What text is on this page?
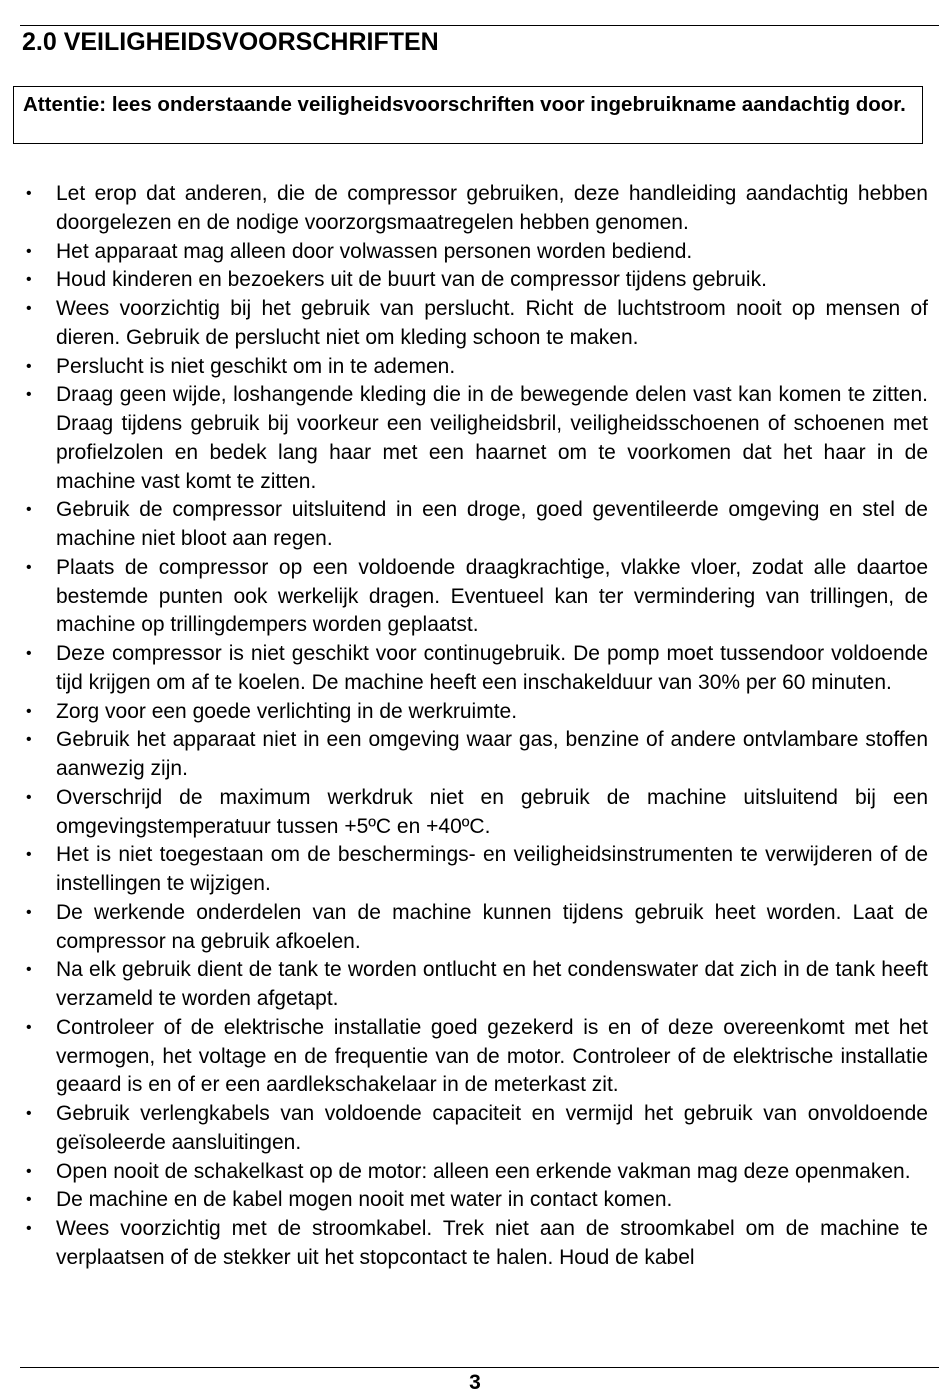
2.0 VEILIGHEIDSVOORSCHRIFTEN
Attentie: lees onderstaande veiligheidsvoorschriften voor ingebruikname aandachtig door.
• Let erop dat anderen, die de compressor gebruiken, deze handleiding aandachtig hebben doorgelezen en de nodige voorzorgsmaatregelen hebben genomen.
• Het apparaat mag alleen door volwassen personen worden bediend.
• Houd kinderen en bezoekers uit de buurt van de compressor tijdens gebruik.
• Wees voorzichtig bij het gebruik van perslucht. Richt de luchtstroom nooit op mensen of dieren. Gebruik de perslucht niet om kleding schoon te maken.
• Perslucht is niet geschikt om in te ademen.
• Draag geen wijde, loshangende kleding die in de bewegende delen vast kan komen te zitten. Draag tijdens gebruik bij voorkeur een veiligheidsbril, veiligheidsschoenen of schoenen met profielzolen en bedek lang haar met een haarnet om te voorkomen dat het haar in de machine vast komt te zitten.
• Gebruik de compressor uitsluitend in een droge, goed geventileerde omgeving en stel de machine niet bloot aan regen.
• Plaats de compressor op een voldoende draagkrachtige, vlakke vloer, zodat alle daartoe bestemde punten ook werkelijk dragen. Eventueel kan ter vermindering van trillingen, de machine op trillingdempers worden geplaatst.
• Deze compressor is niet geschikt voor continugebruik. De pomp moet tussendoor voldoende tijd krijgen om af te koelen. De machine heeft een inschakelduur van 30% per 60 minuten.
• Zorg voor een goede verlichting in de werkruimte.
• Gebruik het apparaat niet in een omgeving waar gas, benzine of andere ontvlambare stoffen aanwezig zijn.
• Overschrijd de maximum werkdruk niet en gebruik de machine uitsluitend bij een omgevingstemperatuur tussen +5ºC en +40ºC.
• Het is niet toegestaan om de beschermings- en veiligheidsinstrumenten te verwijderen of de instellingen te wijzigen.
• De werkende onderdelen van de machine kunnen tijdens gebruik heet worden. Laat de compressor na gebruik afkoelen.
• Na elk gebruik dient de tank te worden ontlucht en het condenswater dat zich in de tank heeft verzameld te worden afgetapt.
• Controleer of de elektrische installatie goed gezekerd is en of deze overeenkomt met het vermogen, het voltage en de frequentie van de motor. Controleer of de elektrische installatie geaard is en of er een aardlekschakelaar in de meterkast zit.
• Gebruik verlengkabels van voldoende capaciteit en vermijd het gebruik van onvoldoende geïsoleerde aansluitingen.
• Open nooit de schakelkast op de motor: alleen een erkende vakman mag deze openmaken.
• De machine en de kabel mogen nooit met water in contact komen.
• Wees voorzichtig met de stroomkabel. Trek niet aan de stroomkabel om de machine te verplaatsen of de stekker uit het stopcontact te halen. Houd de kabel
3
